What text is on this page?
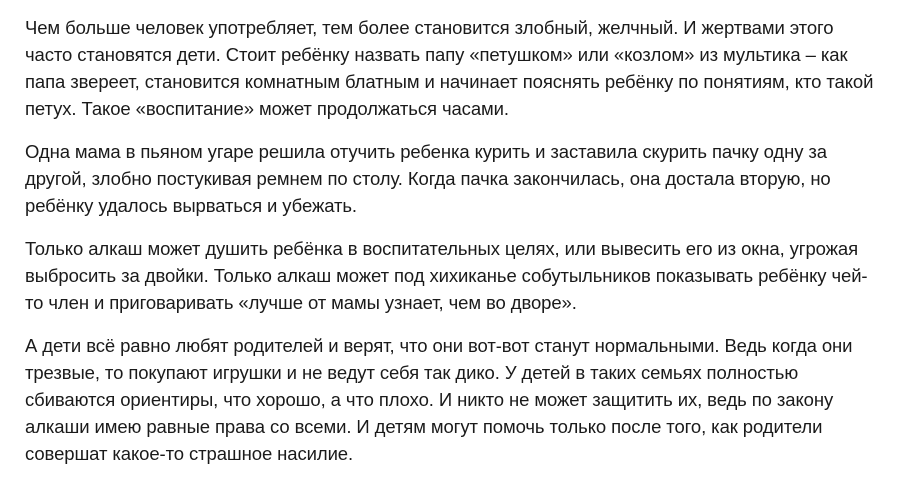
Чем больше человек употребляет, тем более становится злобный, желчный. И жертвами этого
часто становятся дети. Стоит ребёнку назвать папу «петушком» или «козлом» из мультика – как
папа звереет, становится комнатным блатным и начинает пояснять ребёнку по понятиям, кто такой
петух. Такое «воспитание» может продолжаться часами.

Одна мама в пьяном угаре решила отучить ребенка курить и заставила скурить пачку одну за
другой, злобно постукивая ремнем по столу. Когда пачка закончилась, она достала вторую, но
ребёнку удалось вырваться и убежать.

Только алкаш может душить ребёнка в воспитательных целях, или вывесить его из окна, угрожая
выбросить за двойки. Только алкаш может под хихиканье собутыльников показывать ребёнку чей-
то член и приговаривать «лучше от мамы узнает, чем во дворе».

А дети всё равно любят родителей и верят, что они вот-вот станут нормальными. Ведь когда они
трезвые, то покупают игрушки и не ведут себя так дико. У детей в таких семьях полностью
сбиваются ориентиры, что хорошо, а что плохо. И никто не может защитить их, ведь по закону
алкаши имею равные права со всеми. И детям могут помочь только после того, как родители
совершат какое-то страшное насилие.
